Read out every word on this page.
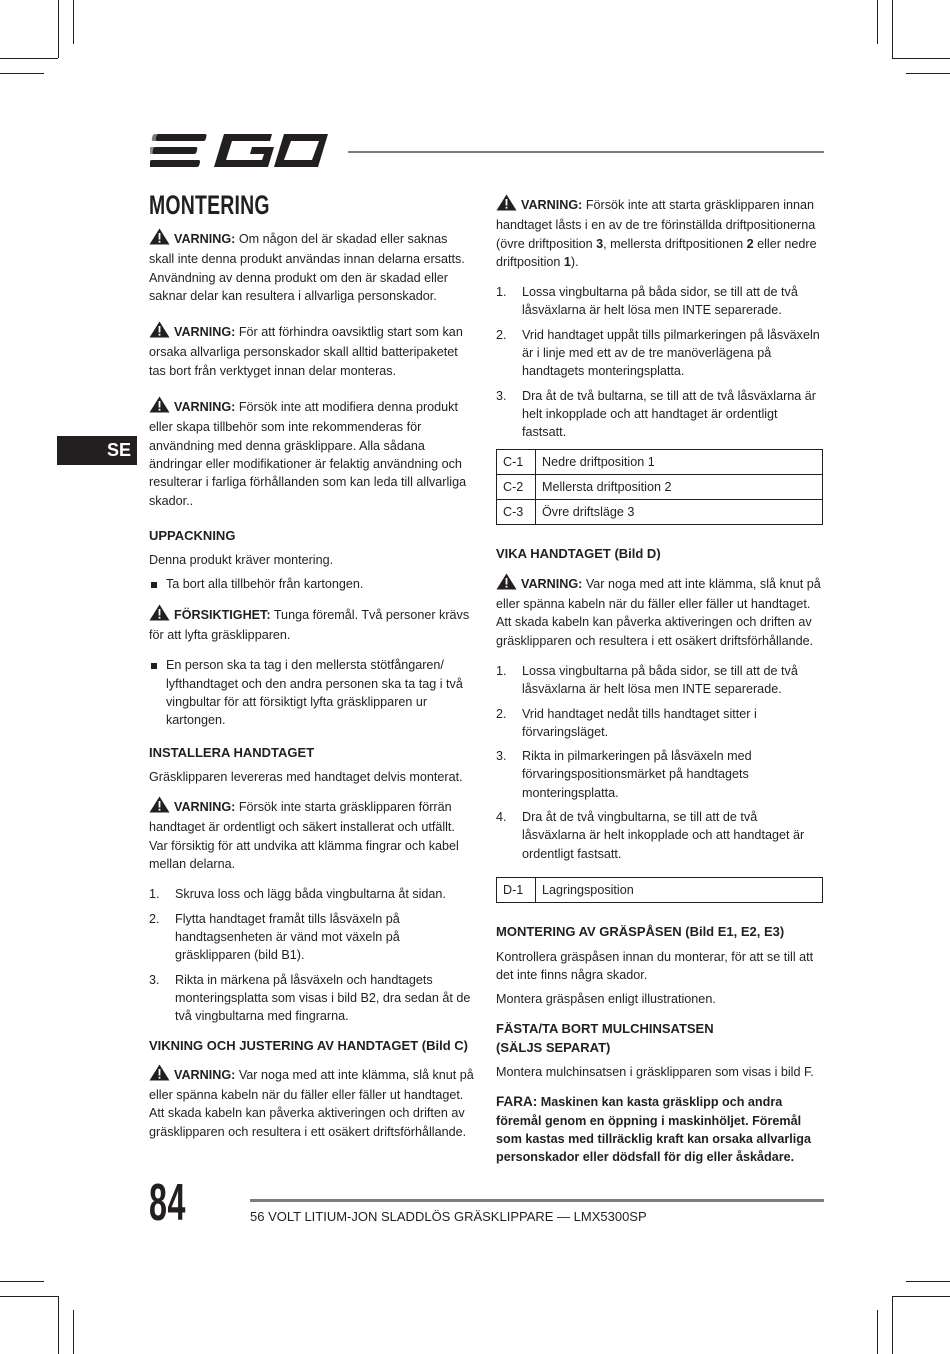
SE
MONTERING

VARNING: Om någon del är skadad eller saknas skall inte denna produkt användas innan delarna ersatts. Användning av denna produkt om den är skadad eller saknar delar kan resultera i allvarliga personskador.

VARNING: För att förhindra oavsiktlig start som kan orsaka allvarliga personskador skall alltid batteripaketet tas bort från verktyget innan delar monteras.

VARNING: Försök inte att modifiera denna produkt eller skapa tillbehör som inte rekommenderas för användning med denna gräsklippare. Alla sådana ändringar eller modifikationer är felaktig användning och resulterar i farliga förhållanden som kan leda till allvarliga skador..

UPPACKNING

Denna produkt kräver montering.

Ta bort alla tillbehör från kartongen.

FÖRSIKTIGHET: Tunga föremål. Två personer krävs för att lyfta gräsklipparen.

En person ska ta tag i den mellersta stötfångaren/ lyfthandtaget och den andra personen ska ta tag i två vingbultar för att försiktigt lyfta gräsklipparen ur kartongen.

INSTALLERA HANDTAGET

Gräsklipparen levereras med handtaget delvis monterat.

VARNING: Försök inte starta gräsklipparen förrän handtaget är ordentligt och säkert installerat och utfällt. Var försiktig för att undvika att klämma fingrar och kabel mellan delarna.

1. Skruva loss och lägg båda vingbultarna åt sidan.
2. Flytta handtaget framåt tills låsväxeln på handtagsenheten är vänd mot växeln på gräsklipparen (bild B1).
3. Rikta in märkena på låsväxeln och handtagets monteringsplatta som visas i bild B2, dra sedan åt de två vingbultarna med fingrarna.

VIKNING OCH JUSTERING AV HANDTAGET (Bild C)

VARNING: Var noga med att inte klämma, slå knut på eller spänna kabeln när du fäller eller fäller ut handtaget. Att skada kabeln kan påverka aktiveringen och driften av gräsklipparen och resultera i ett osäkert driftsförhållande.

VARNING: Försök inte att starta gräsklipparen innan handtaget låsts i en av de tre förinställda driftpositionerna (övre driftposition 3, mellersta driftpositionen 2 eller nedre driftposition 1).

1. Lossa vingbultarna på båda sidor, se till att de två låsväxlarna är helt lösa men INTE separerade.
2. Vrid handtaget uppåt tills pilmarkeringen på låsväxeln är i linje med ett av de tre manöverlägena på handtagets monteringsplatta.
3. Dra åt de två bultarna, se till att de två låsväxlarna är helt inkopplade och att handtaget är ordentligt fastsatt.
C-1	Nedre driftposition 1
C-2	Mellersta driftposition 2
C-3	Övre driftsläge 3

VIKA HANDTAGET (Bild D)

VARNING: Var noga med att inte klämma, slå knut på eller spänna kabeln när du fäller eller fäller ut handtaget. Att skada kabeln kan påverka aktiveringen och driften av gräsklipparen och resultera i ett osäkert driftsförhållande.

1. Lossa vingbultarna på båda sidor, se till att de två låsväxlarna är helt lösa men INTE separerade.
2. Vrid handtaget nedåt tills handtaget sitter i förvaringsläget.
3. Rikta in pilmarkeringen på låsväxeln med förvaringspositionsmärket på handtagets monteringsplatta.
4. Dra åt de två vingbultarna, se till att de två låsväxlarna är helt inkopplade och att handtaget är ordentligt fastsatt.
D-1	Lagringsposition

MONTERING AV GRÄSPÅSEN (Bild E1, E2, E3)

Kontrollera gräspåsen innan du monterar, för att se till att det inte finns några skador.

Montera gräspåsen enligt illustrationen.

FÄSTA/TA BORT MULCHINSATSEN
(SÄLJS SEPARAT)

Montera mulchinsatsen i gräsklipparen som visas i bild F.

FARA: Maskinen kan kasta gräsklipp och andra föremål genom en öppning i maskinhöljet. Föremål som kastas med tillräcklig kraft kan orsaka allvarliga personskador eller dödsfall för dig eller åskådare.

84	56 VOLT LITIUM-JON SLADDLÖS GRÄSKLIPPARE — LMX5300SP
